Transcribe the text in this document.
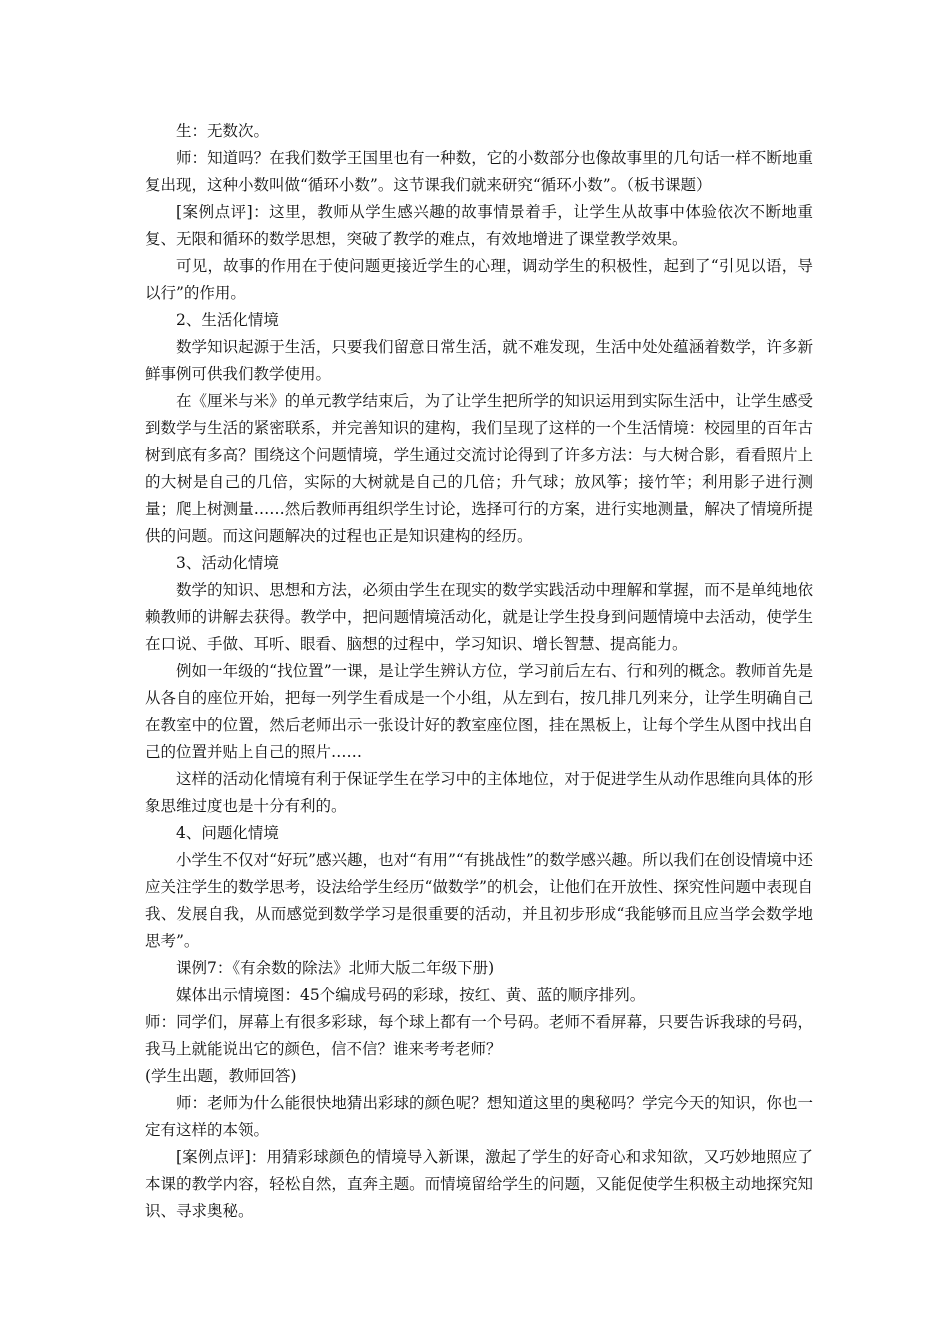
生：无数次。

师：知道吗？在我们数学王国里也有一种数，它的小数部分也像故事里的几句话一样不断地重复出现，这种小数叫做“循环小数”。这节课我们就来研究“循环小数”。（板书课题）

[案例点评]：这里，教师从学生感兴趣的故事情景着手，让学生从故事中体验依次不断地重复、无限和循环的数学思想，突破了教学的难点，有效地增进了课堂教学效果。

可见，故事的作用在于使问题更接近学生的心理，调动学生的积极性，起到了“引见以语，导以行”的作用。

2、生活化情境

数学知识起源于生活，只要我们留意日常生活，就不难发现，生活中处处蕴涵着数学，许多新鲜事例可供我们教学使用。

在《厘米与米》的单元教学结束后，为了让学生把所学的知识运用到实际生活中，让学生感受到数学与生活的紧密联系，并完善知识的建构，我们呈现了这样的一个生活情境：校园里的百年古树到底有多高？围绕这个问题情境，学生通过交流讨论得到了许多方法：与大树合影，看看照片上的大树是自己的几倍，实际的大树就是自己的几倍；升气球；放风筝；接竹竿；利用影子进行测量；爬上树测量……然后教师再组织学生讨论，选择可行的方案，进行实地测量，解决了情境所提供的问题。而这问题解决的过程也正是知识建构的经历。

3、活动化情境

数学的知识、思想和方法，必须由学生在现实的数学实践活动中理解和掌握，而不是单纯地依赖教师的讲解去获得。教学中，把问题情境活动化，就是让学生投身到问题情境中去活动，使学生在口说、手做、耳听、眼看、脑想的过程中，学习知识、增长智慧、提高能力。

例如一年级的“找位置”一课，是让学生辨认方位，学习前后左右、行和列的概念。教师首先是从各自的座位开始，把每一列学生看成是一个小组，从左到右，按几排几列来分，让学生明确自己在教室中的位置，然后老师出示一张设计好的教室座位图，挂在黑板上，让每个学生从图中找出自己的位置并贴上自己的照片……

这样的活动化情境有利于保证学生在学习中的主体地位，对于促进学生从动作思维向具体的形象思维过度也是十分有利的。

4、问题化情境

小学生不仅对“好玩”感兴趣，也对“有用”“有挑战性”的数学感兴趣。所以我们在创设情境中还应关注学生的数学思考，设法给学生经历“做数学”的机会，让他们在开放性、探究性问题中表现自我、发展自我，从而感觉到数学学习是很重要的活动，并且初步形成“我能够而且应当学会数学地思考”。

课例7：《有余数的除法》北师大版二年级下册)

媒体出示情境图：45个编成号码的彩球，按红、黄、蓝的顺序排列。

师：同学们，屏幕上有很多彩球，每个球上都有一个号码。老师不看屏幕，只要告诉我球的号码，我马上就能说出它的颜色，信不信？谁来考考老师？

(学生出题，教师回答)

师：老师为什么能很快地猜出彩球的颜色呢？想知道这里的奥秘吗？学完今天的知识，你也一定有这样的本领。

[案例点评]：用猜彩球颜色的情境导入新课，激起了学生的好奇心和求知欲，又巧妙地照应了本课的教学内容，轻松自然，直奔主题。而情境留给学生的问题，又能促使学生积极主动地探究知识、寻求奥秘。
